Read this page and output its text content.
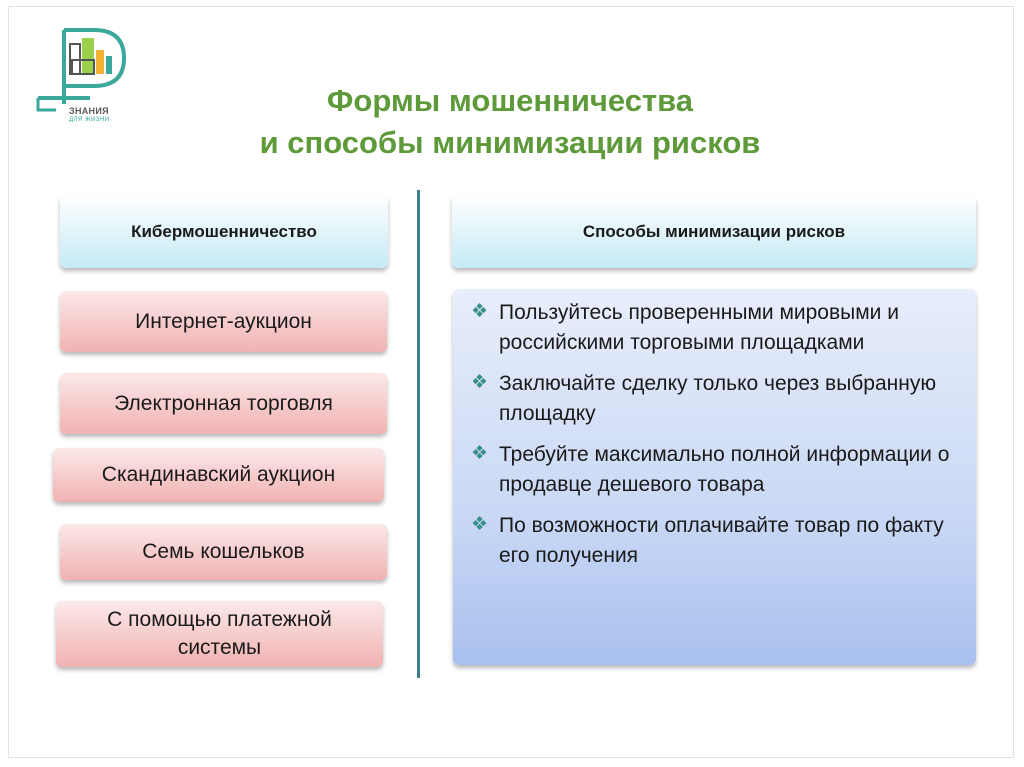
ЗНАНИЯ
ДЛЯ ЖИЗНИ
Формы мошенничества
и способы минимизации рисков
Кибермошенничество
Интернет-аукцион
Электронная торговля
Скандинавский аукцион
Семь кошельков
С помощью платежной системы
Способы минимизации рисков
❖ Пользуйтесь проверенными мировыми и российскими торговыми площадками
❖ Заключайте сделку только через выбранную площадку
❖ Требуйте максимально полной информации о продавце дешевого товара
❖ По возможности оплачивайте товар по факту его получения
